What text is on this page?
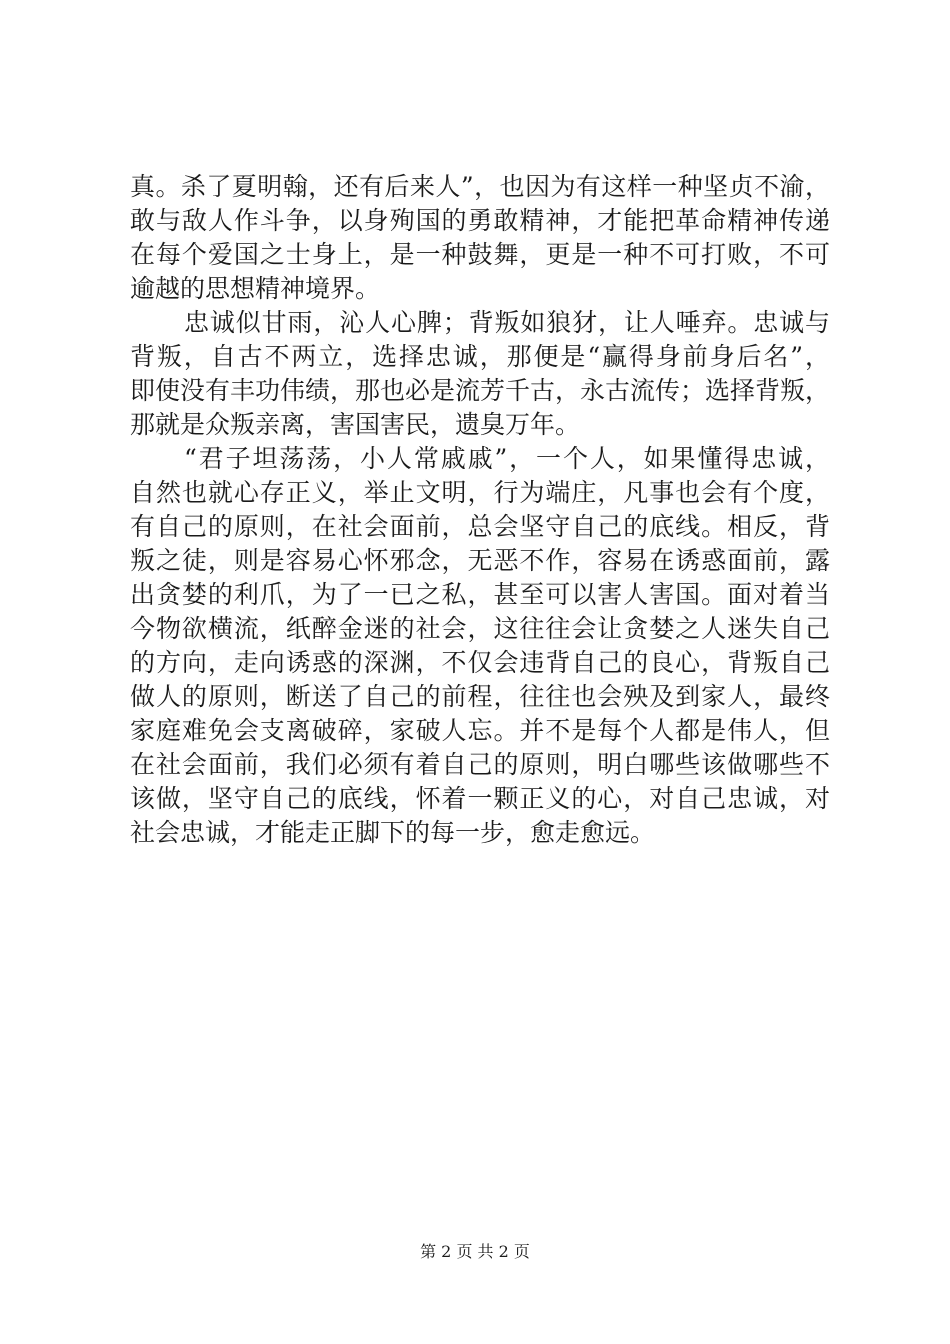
真。杀了夏明翰，还有后来人”，也因为有这样一种坚贞不渝，
敢与敌人作斗争，以身殉国的勇敢精神，才能把革命精神传递
在每个爱国之士身上，是一种鼓舞，更是一种不可打败，不可
逾越的思想精神境界。
忠诚似甘雨，沁人心脾；背叛如狼犲，让人唾弃。忠诚与
背叛，自古不两立，选择忠诚，那便是“赢得身前身后名”，
即使没有丰功伟绩，那也必是流芳千古，永古流传；选择背叛，
那就是众叛亲离，害国害民，遗臭万年。
“君子坦荡荡，小人常戚戚”，一个人，如果懂得忠诚，
自然也就心存正义，举止文明，行为端庄，凡事也会有个度，
有自己的原则，在社会面前，总会坚守自己的底线。相反，背
叛之徒，则是容易心怀邪念，无恶不作，容易在诱惑面前，露
出贪婪的利爪，为了一已之私，甚至可以害人害国。面对着当
今物欲横流，纸醉金迷的社会，这往往会让贪婪之人迷失自己
的方向，走向诱惑的深渊，不仅会违背自己的良心，背叛自己
做人的原则，断送了自己的前程，往往也会殃及到家人，最终
家庭难免会支离破碎，家破人忘。并不是每个人都是伟人，但
在社会面前，我们必须有着自己的原则，明白哪些该做哪些不
该做，坚守自己的底线，怀着一颗正义的心，对自己忠诚，对
社会忠诚，才能走正脚下的每一步，愈走愈远。
第 2 页 共 2 页
